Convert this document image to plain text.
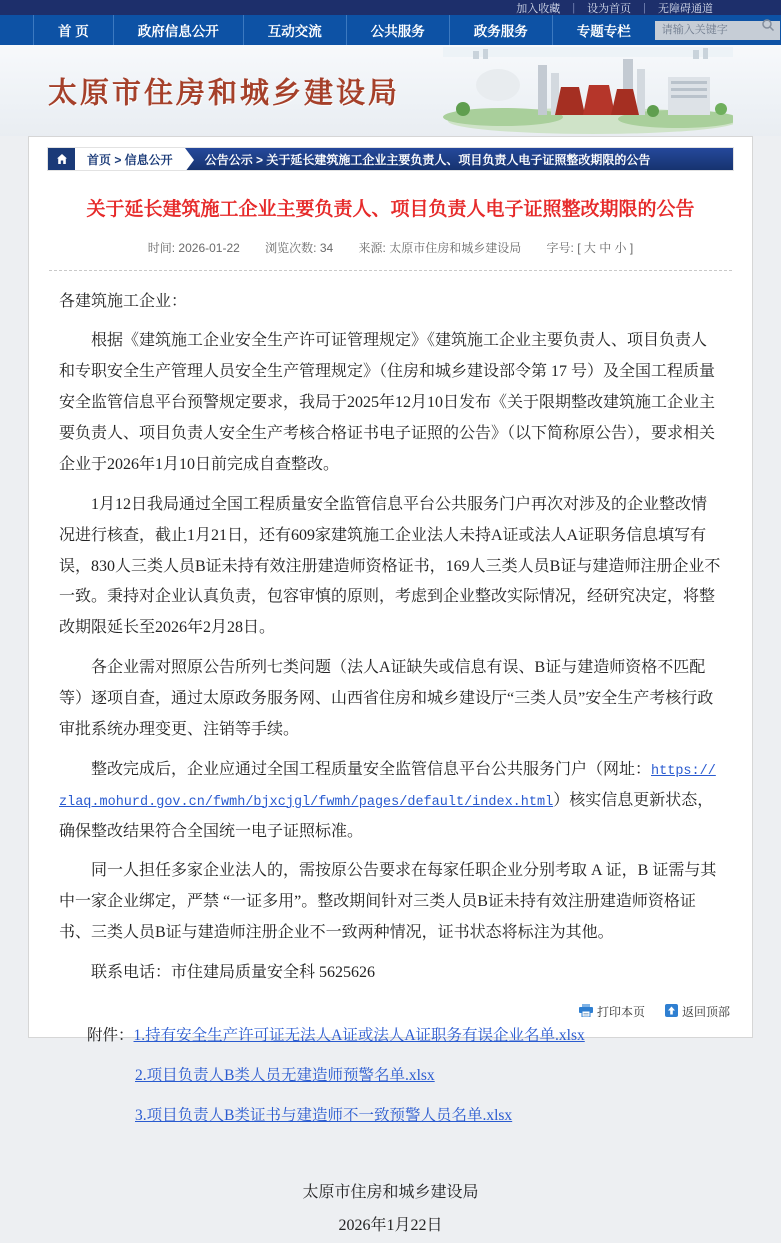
加入收藏	|	设为首页	|	无障碍通道
首 页	政府信息公开	互动交流	公共服务	政务服务	专题专栏
请输入关键字
太原市住房和城乡建设局
首页 > 信息公开	公告公示 > 关于延长建筑施工企业主要负责人、项目负责人电子证照整改期限的公告
关于延长建筑施工企业主要负责人、项目负责人电子证照整改期限的公告
时间: 2026-01-22 浏览次数: 34 来源: 太原市住房和城乡建设局 字号: [ 大 中 小 ]

各建筑施工企业：

根据《建筑施工企业安全生产许可证管理规定》《建筑施工企业主要负责人、项目负责人和专职安全生产管理人员安全生产管理规定》（住房和城乡建设部令第 17 号）及全国工程质量安全监管信息平台预警规定要求，我局于2025年12月10日发布《关于限期整改建筑施工企业主要负责人、项目负责人安全生产考核合格证书电子证照的公告》（以下简称原公告），要求相关企业于2026年1月10日前完成自查整改。

1月12日我局通过全国工程质量安全监管信息平台公共服务门户再次对涉及的企业整改情况进行核查，截止1月21日，还有609家建筑施工企业法人未持A证或法人A证职务信息填写有误，830人三类人员B证未持有效注册建造师资格证书，169人三类人员B证与建造师注册企业不一致。秉持对企业认真负责，包容审慎的原则，考虑到企业整改实际情况，经研究决定，将整改期限延长至2026年2月28日。

各企业需对照原公告所列七类问题（法人A证缺失或信息有误、B证与建造师资格不匹配等）逐项自查，通过太原政务服务网、山西省住房和城乡建设厅“三类人员”安全生产考核行政审批系统办理变更、注销等手续。

整改完成后，企业应通过全国工程质量安全监管信息平台公共服务门户（网址：https://zlaq.mohurd.gov.cn/fwmh/bjxcjgl/fwmh/pages/default/index.html）核实信息更新状态，确保整改结果符合全国统一电子证照标准。

同一人担任多家企业法人的，需按原公告要求在每家任职企业分别考取 A 证，B 证需与其中一家企业绑定，严禁 “一证多用”。整改期间针对三类人员B证未持有效注册建造师资格证书、三类人员B证与建造师注册企业不一致两种情况，证书状态将标注为其他。

联系电话：市住建局质量安全科 5625626

附件：1.持有安全生产许可证无法人A证或法人A证职务有误企业名单.xlsx
2.项目负责人B类人员无建造师预警名单.xlsx
3.项目负责人B类证书与建造师不一致预警人员名单.xlsx
太原市住房和城乡建设局
2026年1月22日
打印本页	返回顶部
